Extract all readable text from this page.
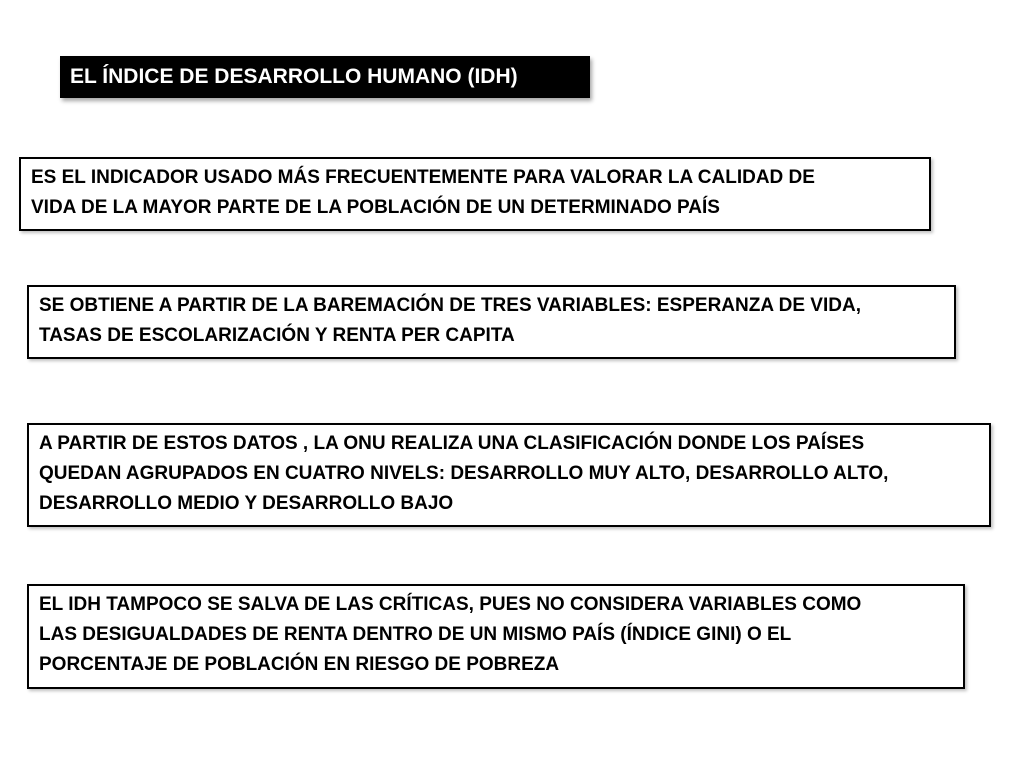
EL ÍNDICE DE DESARROLLO HUMANO (IDH)
ES EL INDICADOR USADO MÁS FRECUENTEMENTE PARA VALORAR LA CALIDAD DE
VIDA DE LA MAYOR PARTE DE LA POBLACIÓN DE UN DETERMINADO PAÍS
SE OBTIENE A PARTIR DE LA BAREMACIÓN DE TRES VARIABLES: ESPERANZA DE VIDA,
TASAS DE ESCOLARIZACIÓN Y RENTA PER CAPITA
A PARTIR DE ESTOS DATOS , LA ONU REALIZA UNA CLASIFICACIÓN DONDE LOS PAÍSES
QUEDAN AGRUPADOS EN CUATRO NIVELS: DESARROLLO MUY ALTO, DESARROLLO ALTO,
DESARROLLO MEDIO Y DESARROLLO BAJO
EL IDH TAMPOCO SE SALVA DE LAS CRÍTICAS, PUES NO CONSIDERA VARIABLES COMO
LAS DESIGUALDADES DE RENTA DENTRO DE UN MISMO PAÍS (ÍNDICE GINI) O EL
PORCENTAJE DE POBLACIÓN EN RIESGO DE POBREZA
